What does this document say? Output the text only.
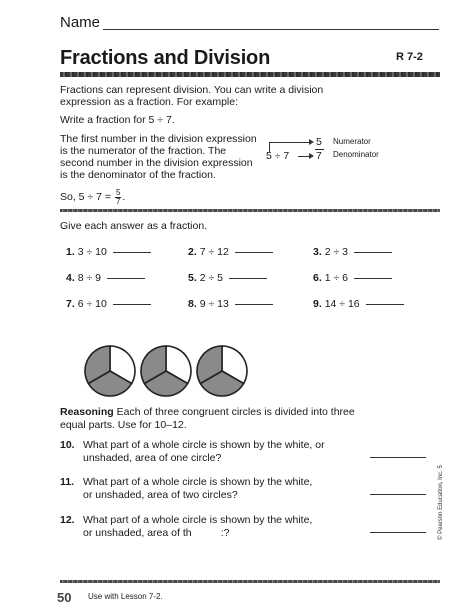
Name
Fractions and Division	R 7-2
Fractions can represent division. You can write a division
expression as a fraction. For example:
Write a fraction for 5 ÷ 7.
The first number in the division expression
is the numerator of the fraction. The
second number in the division expression
is the denominator of the fraction.
5
5 ÷ 7	7
Numerator
Denominator
So, $5 \div 7 = \frac{5}{7}$ .
Give each answer as a fraction.
1. 3 ÷ 10	2. 7 ÷ 12	3. 2 ÷ 3
4. 8 ÷ 9	5. 2 ÷ 5	6. 1 ÷ 6
7. 6 ÷ 10	8. 9 ÷ 13	9. 14 ÷ 16
Reasoning Each of three congruent circles is divided into three
equal parts. Use for 10–12.
10. What part of a whole circle is shown by the white, or
unshaded, area of one circle?
11. What part of a whole circle is shown by the white,
or unshaded, area of two circles?
12. What part of a whole circle is shown by the white,
or unshaded, area of th          :?	© Pearson Education, Inc. 5
50 Use with Lesson 7-2.
